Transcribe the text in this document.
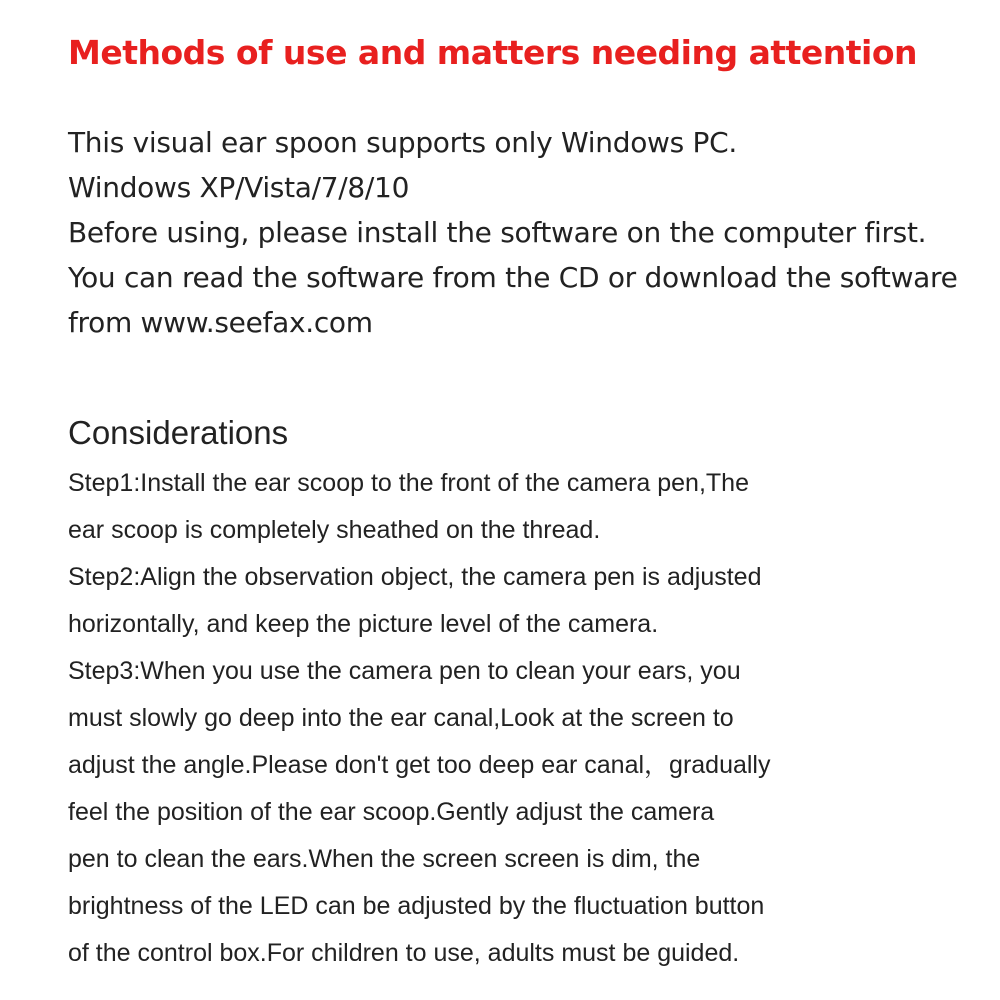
Methods of use and matters needing attention

This visual ear spoon supports only Windows PC.

Windows XP/Vista/7/8/10

Before using, please install the software on the computer first.

You can read the software from the CD or download the software from www.seefax.com

Considerations
Step1:Install the ear scoop to the front of the camera pen,The
ear scoop is completely sheathed on the thread.
Step2:Align the observation object, the camera pen is adjusted
horizontally, and keep the picture level of the camera.
Step3:When you use the camera pen to clean your ears, you
must slowly go deep into the ear canal,Look at the screen to
adjust the angle.Please don't get too deep ear canal，gradually
feel the position of the ear scoop.Gently adjust the camera
pen to clean the ears.When the screen screen is dim, the
brightness of the LED can be adjusted by the fluctuation button
of the control box.For children to use, adults must be guided.
